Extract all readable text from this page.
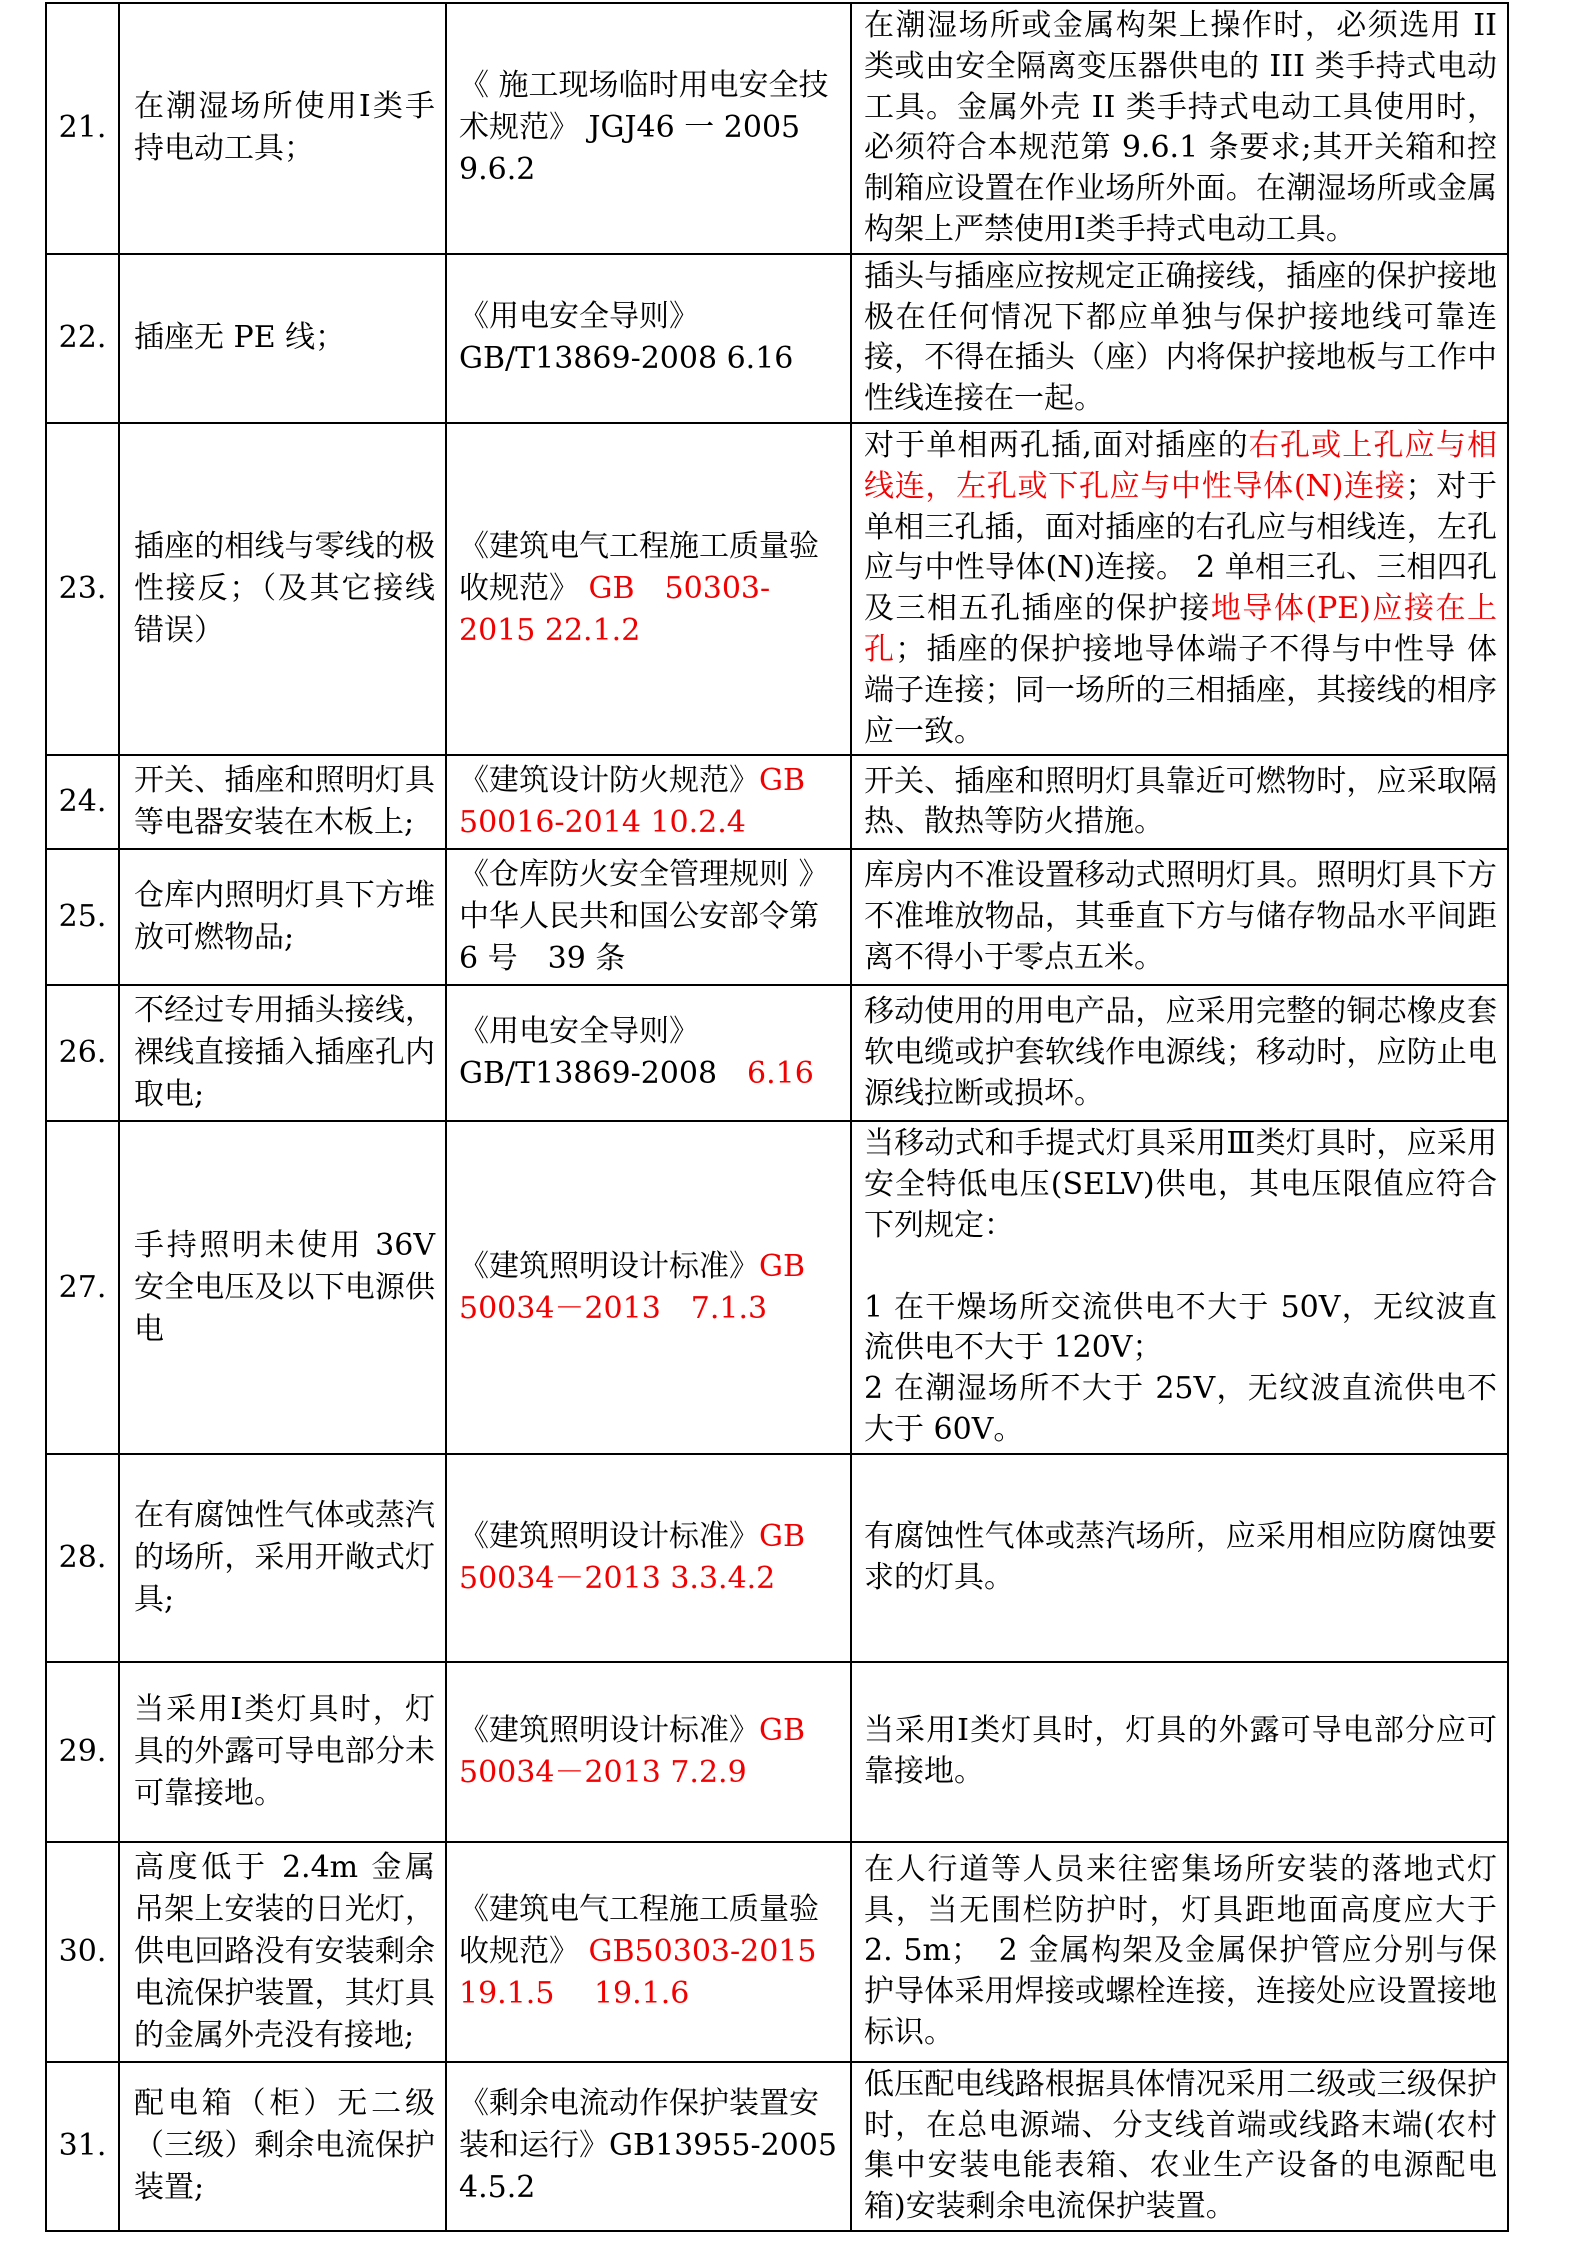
21.	在潮湿场所使用Ⅰ类手持电动工具；	《 施工现场临时用电安全技术规范》 JGJ46 一 2005 9.6.2	在潮湿场所或金属构架上操作时，必须选用 II 类或由安全隔离变压器供电的 III 类手持式电动工具。金属外壳 II 类手持式电动工具使用时，必须符合本规范第 9.6.1 条要求;其开关箱和控制箱应设置在作业场所外面。在潮湿场所或金属构架上严禁使用Ⅰ类手持式电动工具。

22.	插座无 PE 线；	《用电安全导则》 GB/T13869-2008 6.16	插头与插座应按规定正确接线，插座的保护接地极在任何情况下都应单独与保护接地线可靠连接，不得在插头（座）内将保护接地板与工作中性线连接在一起。

23.	插座的相线与零线的极性接反；（及其它接线错误）	《建筑电气工程施工质量验收规范》 GB　50303-2015 22.1.2	对于单相两孔插,面对插座的右孔或上孔应与相线连，左孔或下孔应与中性导体(N)连接；对于单相三孔插，面对插座的右孔应与相线连，左孔应与中性导体(N)连接。 2 单相三孔、三相四孔及三相五孔插座的保护接地导体(PE)应接在上孔；插座的保护接地导体端子不得与中性导 体端子连接；同一场所的三相插座，其接线的相序应一致。

24.	开关、插座和照明灯具等电器安装在木板上;	《建筑设计防火规范》GB 50016-2014 10.2.4	开关、插座和照明灯具靠近可燃物时，应采取隔热、散热等防火措施。

25.	仓库内照明灯具下方堆放可燃物品;	《仓库防火安全管理规则 》中华人民共和国公安部令第 6 号　39 条	库房内不准设置移动式照明灯具。照明灯具下方不准堆放物品，其垂直下方与储存物品水平间距离不得小于零点五米。

26.	不经过专用插头接线，裸线直接插入插座孔内取电;	《用电安全导则》 GB/T13869-2008　6.16	移动使用的用电产品，应采用完整的铜芯橡皮套软电缆或护套软线作电源线；移动时，应防止电源线拉断或损坏。

27.	手持照明未使用 36V 安全电压及以下电源供电	《建筑照明设计标准》GB 50034－2013　7.1.3	当移动式和手提式灯具采用Ⅲ类灯具时，应采用安全特低电压(SELV)供电，其电压限值应符合下列规定：

1 在干燥场所交流供电不大于 50V，无纹波直流供电不大于 120V；
2 在潮湿场所不大于 25V，无纹波直流供电不大于 60V。

28.	在有腐蚀性气体或蒸汽的场所，采用开敞式灯具;	《建筑照明设计标准》GB 50034－2013 3.3.4.2	有腐蚀性气体或蒸汽场所，应采用相应防腐蚀要求的灯具。

29.	当采用Ⅰ类灯具时，灯具的外露可导电部分未可靠接地。	《建筑照明设计标准》GB 50034－2013 7.2.9	当采用Ⅰ类灯具时，灯具的外露可导电部分应可靠接地。

30.	高度低于 2.4m 金属吊架上安装的日光灯，供电回路没有安装剩余电流保护装置，其灯具的金属外壳没有接地;	《建筑电气工程施工质量验收规范》 GB50303-2015 19.1.5　 19.1.6	在人行道等人员来往密集场所安装的落地式灯具，当无围栏防护时，灯具距地面高度应大于 2. 5m；　2 金属构架及金属保护管应分别与保护导体采用焊接或螺栓连接，连接处应设置接地标识。

31.	配电箱（柜）无二级（三级）剩余电流保护装置;	《剩余电流动作保护装置安装和运行》GB13955-2005 4.5.2	低压配电线路根据具体情况采用二级或三级保护时，在总电源端、分支线首端或线路末端(农村集中安装电能表箱、农业生产设备的电源配电箱)安装剩余电流保护装置。
